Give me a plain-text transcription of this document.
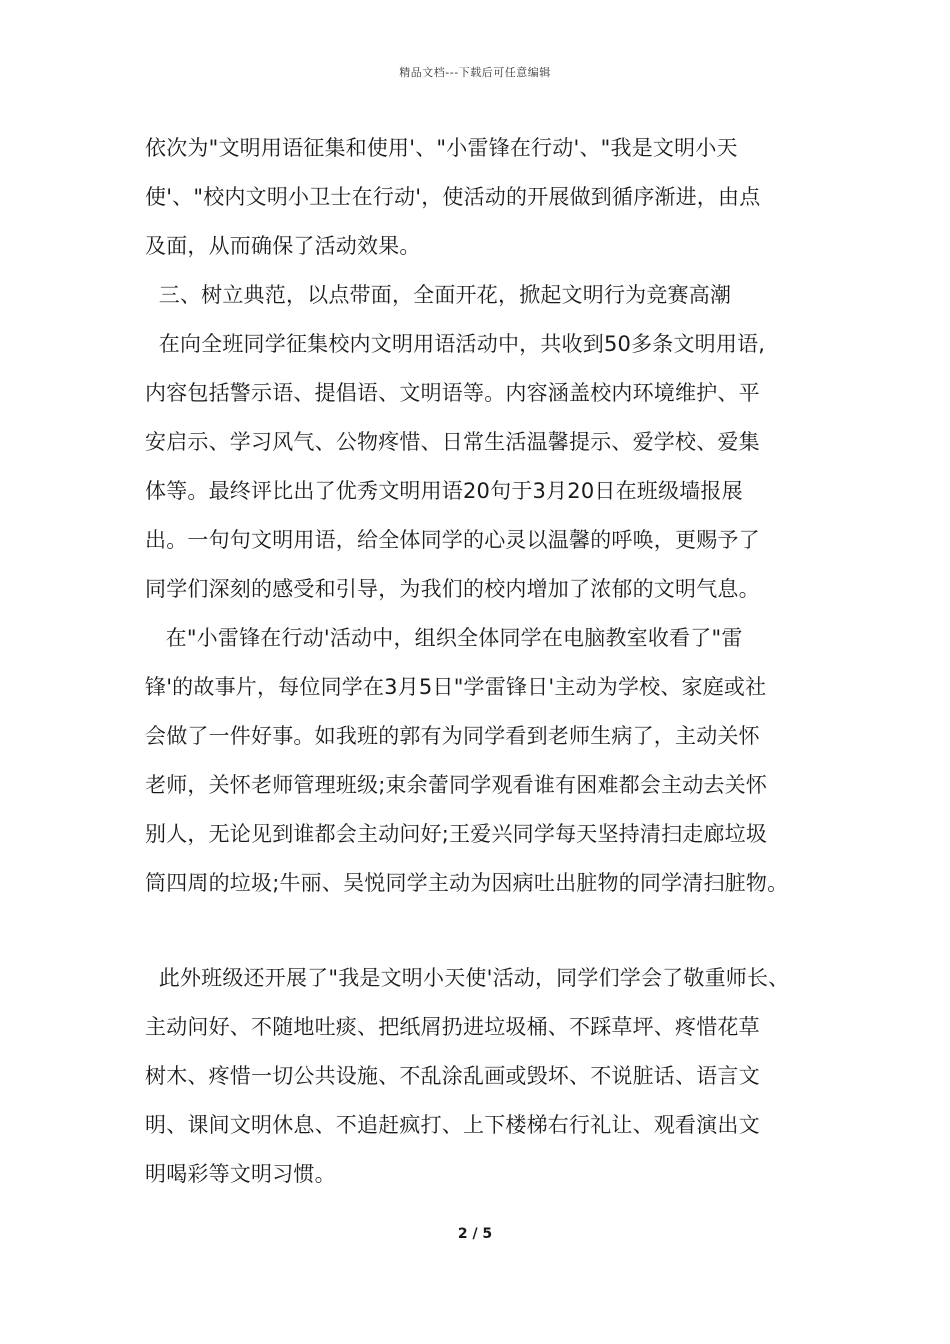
精品文档---下载后可任意编辑
依次为"文明用语征集和使用'、"小雷锋在行动'、"我是文明小天
使'、"校内文明小卫士在行动'，使活动的开展做到循序渐进，由点
及面，从而确保了活动效果。
三、树立典范，以点带面，全面开花，掀起文明行为竞赛高潮
在向全班同学征集校内文明用语活动中，共收到50多条文明用语,
内容包括警示语、提倡语、文明语等。内容涵盖校内环境维护、平
安启示、学习风气、公物疼惜、日常生活温馨提示、爱学校、爱集
体等。最终评比出了优秀文明用语20句于3月20日在班级墙报展
出。一句句文明用语，给全体同学的心灵以温馨的呼唤，更赐予了
同学们深刻的感受和引导，为我们的校内增加了浓郁的文明气息。
在"小雷锋在行动'活动中，组织全体同学在电脑教室收看了"雷
锋'的故事片，每位同学在3月5日"学雷锋日'主动为学校、家庭或社
会做了一件好事。如我班的郭有为同学看到老师生病了，主动关怀
老师，关怀老师管理班级;束余蕾同学观看谁有困难都会主动去关怀
别人，无论见到谁都会主动问好;王爱兴同学每天坚持清扫走廊垃圾
筒四周的垃圾;牛丽、吴悦同学主动为因病吐出脏物的同学清扫脏物。
此外班级还开展了"我是文明小天使'活动，同学们学会了敬重师长、
主动问好、不随地吐痰、把纸屑扔进垃圾桶、不踩草坪、疼惜花草
树木、疼惜一切公共设施、不乱涂乱画或毁坏、不说脏话、语言文
明、课间文明休息、不追赶疯打、上下楼梯右行礼让、观看演出文
明喝彩等文明习惯。
2 / 5
